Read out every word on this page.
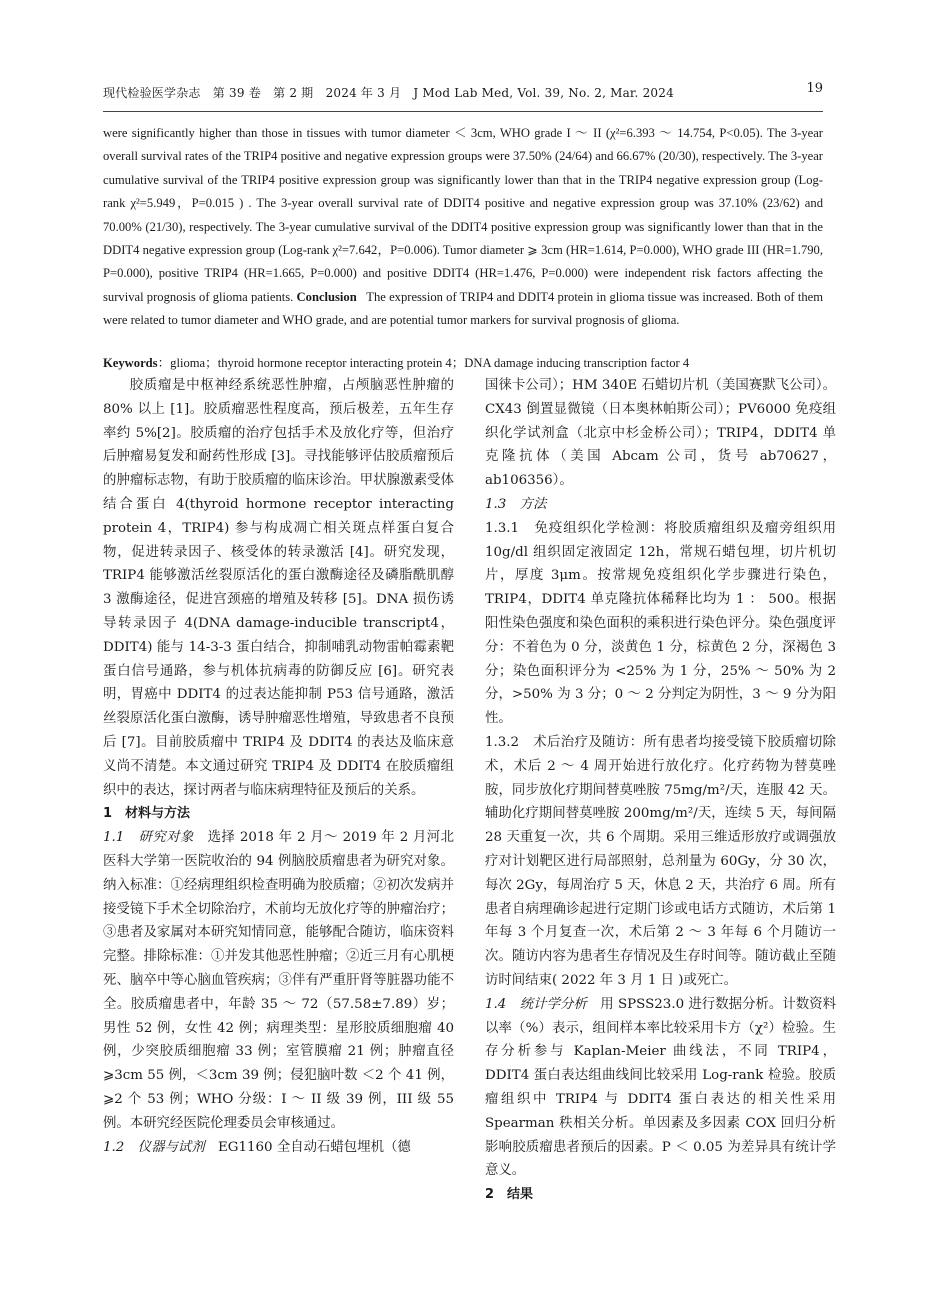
现代检验医学杂志　第 39 卷　第 2 期　2024 年 3 月　J Mod Lab Med, Vol. 39, No. 2, Mar. 2024	19

were significantly higher than those in tissues with tumor diameter ＜ 3cm, WHO grade I ～ II (χ²=6.393 ～ 14.754, P<0.05). The 3-year overall survival rates of the TRIP4 positive and negative expression groups were 37.50% (24/64) and 66.67% (20/30), respectively. The 3-year cumulative survival of the TRIP4 positive expression group was significantly lower than that in the TRIP4 negative expression group (Log-rank χ²=5.949，P=0.015 ) . The 3-year overall survival rate of DDIT4 positive and negative expression group was 37.10% (23/62) and 70.00% (21/30), respectively. The 3-year cumulative survival of the DDIT4 positive expression group was significantly lower than that in the DDIT4 negative expression group (Log-rank χ²=7.642，P=0.006). Tumor diameter ⩾ 3cm (HR=1.614, P=0.000), WHO grade III (HR=1.790, P=0.000), positive TRIP4 (HR=1.665, P=0.000) and positive DDIT4 (HR=1.476, P=0.000) were independent risk factors affecting the survival prognosis of glioma patients. Conclusion The expression of TRIP4 and DDIT4 protein in glioma tissue was increased. Both of them were related to tumor diameter and WHO grade, and are potential tumor markers for survival prognosis of glioma.

Keywords：glioma；thyroid hormone receptor interacting protein 4；DNA damage inducing transcription factor 4

胶质瘤是中枢神经系统恶性肿瘤，占颅脑恶性肿瘤的 80% 以上 [1]。胶质瘤恶性程度高，预后极差，五年生存率约 5%[2]。胶质瘤的治疗包括手术及放化疗等，但治疗后肿瘤易复发和耐药性形成 [3]。寻找能够评估胶质瘤预后的肿瘤标志物，有助于胶质瘤的临床诊治。甲状腺激素受体结合蛋白 4(thyroid hormone receptor interacting protein 4，TRIP4) 参与构成凋亡相关斑点样蛋白复合物，促进转录因子、核受体的转录激活 [4]。研究发现，TRIP4 能够激活丝裂原活化的蛋白激酶途径及磷脂酰肌醇 3 激酶途径，促进宫颈癌的增殖及转移 [5]。DNA 损伤诱导转录因子 4(DNA damage-inducible transcript4，DDIT4) 能与 14-3-3 蛋白结合，抑制哺乳动物雷帕霉素靶蛋白信号通路，参与机体抗病毒的防御反应 [6]。研究表明，胃癌中 DDIT4 的过表达能抑制 P53 信号通路，激活丝裂原活化蛋白激酶，诱导肿瘤恶性增殖，导致患者不良预后 [7]。目前胶质瘤中 TRIP4 及 DDIT4 的表达及临床意义尚不清楚。本文通过研究 TRIP4 及 DDIT4 在胶质瘤组织中的表达，探讨两者与临床病理特征及预后的关系。

1　材料与方法

1.1　研究对象　选择 2018 年 2 月～ 2019 年 2 月河北医科大学第一医院收治的 94 例脑胶质瘤患者为研究对象。纳入标准：①经病理组织检查明确为胶质瘤；②初次发病并接受镜下手术全切除治疗，术前均无放化疗等的肿瘤治疗；③患者及家属对本研究知情同意，能够配合随访，临床资料完整。排除标准：①并发其他恶性肿瘤；②近三月有心肌梗死、脑卒中等心脑血管疾病；③伴有严重肝肾等脏器功能不全。胶质瘤患者中，年龄 35 ～ 72（57.58±7.89）岁；男性 52 例，女性 42 例；病理类型：星形胶质细胞瘤 40 例，少突胶质细胞瘤 33 例；室管膜瘤 21 例；肿瘤直径 ⩾3cm 55 例，＜3cm 39 例；侵犯脑叶数 ＜2 个 41 例，⩾2 个 53 例；WHO 分级：I ～ II 级 39 例，III 级 55 例。本研究经医院伦理委员会审核通过。

1.2　仪器与试剂　EG1160 全自动石蜡包埋机（德

国徕卡公司）；HM 340E 石蜡切片机（美国赛默飞公司）。CX43 倒置显微镜（日本奥林帕斯公司）；PV6000 免疫组织化学试剂盒（北京中杉金桥公司）；TRIP4，DDIT4 单克隆抗体（美国 Abcam 公司，货号 ab70627，ab106356）。

1.3　方法

1.3.1　免疫组织化学检测：将胶质瘤组织及瘤旁组织用 10g/dl 组织固定液固定 12h，常规石蜡包埋，切片机切片，厚度 3μm。按常规免疫组织化学步骤进行染色，TRIP4，DDIT4 单克隆抗体稀释比均为 1 ： 500。根据阳性染色强度和染色面积的乘积进行染色评分。染色强度评分：不着色为 0 分，淡黄色 1 分，棕黄色 2 分，深褐色 3 分；染色面积评分为 <25% 为 1 分，25% ～ 50% 为 2 分，>50% 为 3 分；0 ～ 2 分判定为阴性，3 ～ 9 分为阳性。

1.3.2　术后治疗及随访：所有患者均接受镜下胶质瘤切除术，术后 2 ～ 4 周开始进行放化疗。化疗药物为替莫唑胺，同步放化疗期间替莫唑胺 75mg/m²/天，连服 42 天。辅助化疗期间替莫唑胺 200mg/m²/天，连续 5 天，每间隔 28 天重复一次，共 6 个周期。采用三维适形放疗或调强放疗对计划靶区进行局部照射，总剂量为 60Gy，分 30 次，每次 2Gy，每周治疗 5 天，休息 2 天，共治疗 6 周。所有患者自病理确诊起进行定期门诊或电话方式随访，术后第 1 年每 3 个月复查一次，术后第 2 ～ 3 年每 6 个月随访一次。随访内容为患者生存情况及生存时间等。随访截止至随访时间结束( 2022 年 3 月 1 日 )或死亡。

1.4　统计学分析　用 SPSS23.0 进行数据分析。计数资料以率（%）表示，组间样本率比较采用卡方（χ²）检验。生存分析参与 Kaplan-Meier 曲线法，不同 TRIP4，DDIT4 蛋白表达组曲线间比较采用 Log-rank 检验。胶质瘤组织中 TRIP4 与 DDIT4 蛋白表达的相关性采用 Spearman 秩相关分析。单因素及多因素 COX 回归分析影响胶质瘤患者预后的因素。P ＜ 0.05 为差异具有统计学意义。

2　结果
